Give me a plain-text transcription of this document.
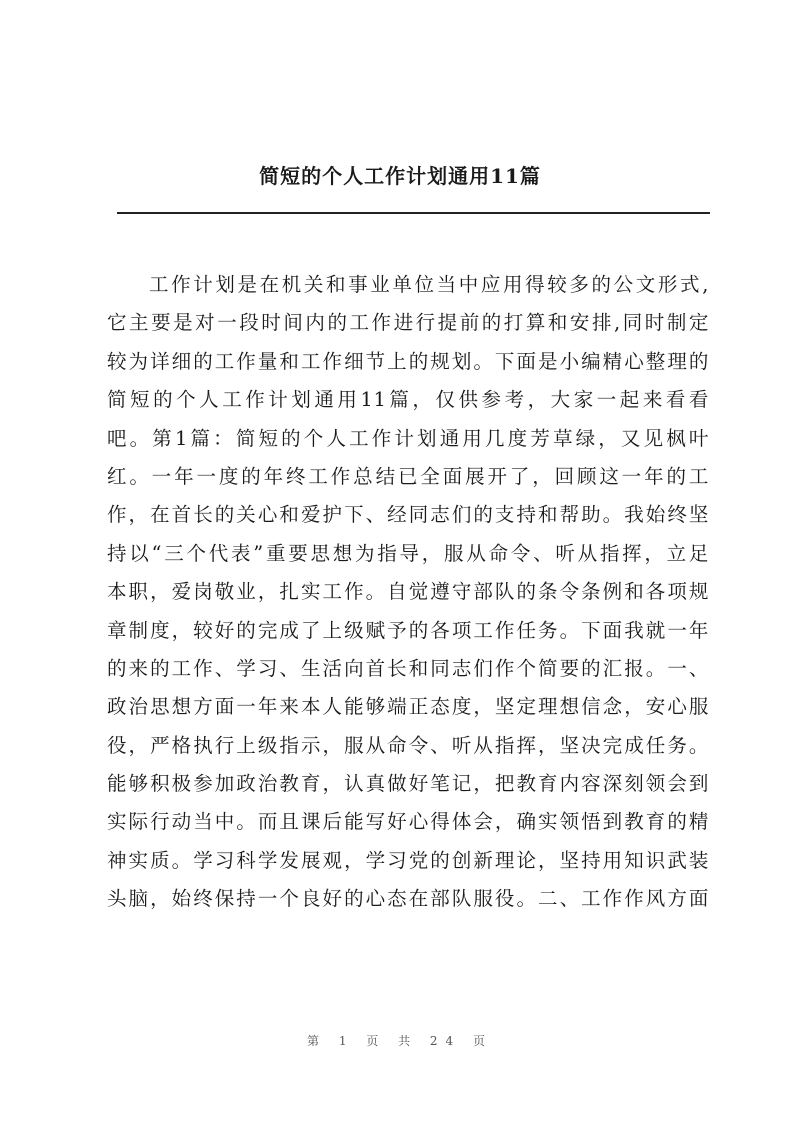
简短的个人工作计划通用11篇
工作计划是在机关和事业单位当中应用得较多的公文形式,
它主要是对一段时间内的工作进行提前的打算和安排,同时制定
较为详细的工作量和工作细节上的规划。下面是小编精心整理的
简短的个人工作计划通用11篇，仅供参考，大家一起来看看
吧。第1篇：简短的个人工作计划通用几度芳草绿，又见枫叶
红。一年一度的年终工作总结已全面展开了，回顾这一年的工
作，在首长的关心和爱护下、经同志们的支持和帮助。我始终坚
持以“三个代表”重要思想为指导，服从命令、听从指挥，立足
本职，爱岗敬业，扎实工作。自觉遵守部队的条令条例和各项规
章制度，较好的完成了上级赋予的各项工作任务。下面我就一年
的来的工作、学习、生活向首长和同志们作个简要的汇报。一、
政治思想方面一年来本人能够端正态度，坚定理想信念，安心服
役，严格执行上级指示，服从命令、听从指挥，坚决完成任务。
能够积极参加政治教育，认真做好笔记，把教育内容深刻领会到
实际行动当中。而且课后能写好心得体会，确实领悟到教育的精
神实质。学习科学发展观，学习党的创新理论，坚持用知识武装
头脑，始终保持一个良好的心态在部队服役。二、工作作风方面
第 1 页 共 24 页
